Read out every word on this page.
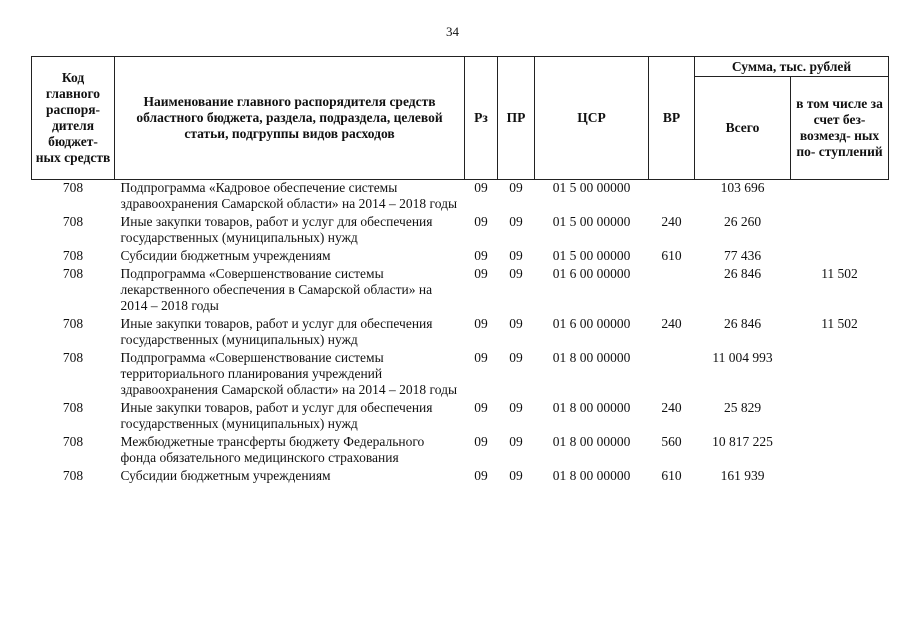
34
Код главного распоря- дителя бюджет- ных средств	Наименование главного распорядителя средств областного бюджета, раздела, подраздела, целевой статьи, подгруппы видов расходов	Рз	ПР	ЦСР	ВР	Сумма, тыс. рублей	
						Всего	в том числе за счет без- возмезд- ных по- ступлений
708	Подпрограмма «Кадровое обеспечение системы здравоохранения Самарской области» на 2014 – 2018 годы	09	09	01 5 00 00000		103 696	
708	Иные закупки товаров, работ и услуг для обеспечения государственных (муниципальных) нужд	09	09	01 5 00 00000	240	26 260	
708	Субсидии бюджетным учреждениям	09	09	01 5 00 00000	610	77 436	
708	Подпрограмма «Совершенствование системы лекарственного обеспечения в Самарской области» на 2014 – 2018 годы	09	09	01 6 00 00000		26 846	11 502
708	Иные закупки товаров, работ и услуг для обеспечения государственных (муниципальных) нужд	09	09	01 6 00 00000	240	26 846	11 502
708	Подпрограмма «Совершенствование системы территориального планирования учреждений здравоохранения Самарской области» на 2014 – 2018 годы	09	09	01 8 00 00000		11 004 993	
708	Иные закупки товаров, работ и услуг для обеспечения государственных (муниципальных) нужд	09	09	01 8 00 00000	240	25 829	
708	Межбюджетные трансферты бюджету Федерального фонда обязательного медицинского страхования	09	09	01 8 00 00000	560	10 817 225	
708	Субсидии бюджетным учреждениям	09	09	01 8 00 00000	610	161 939	
